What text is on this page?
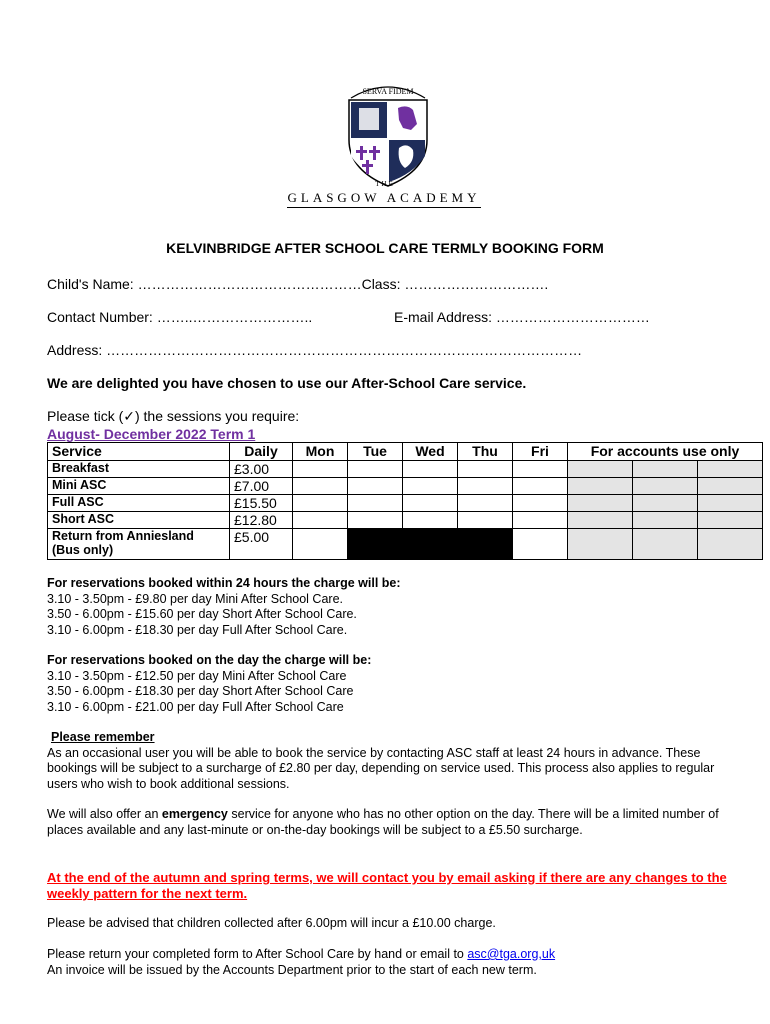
SERVA FIDEM
THE
GLASGOW ACADEMY
KELVINBRIDGE AFTER SCHOOL CARE TERMLY BOOKING FORM
Child's Name: …………………………………………Class: ………………………….
Contact Number: ……..……………………..	E-mail Address: ……………………………
Address: …………………………………………………………………………………………
We are delighted you have chosen to use our After-School Care service.
Please tick (✓) the sessions you require:
August- December 2022 Term 1
Service	Daily	Mon	Tue	Wed	Thu	Fri	For accounts use only		
Breakfast	£3.00								
Mini ASC	£7.00								
Full ASC	£15.50								
Short ASC	£12.80								
Return from Anniesland
(Bus only)	£5.00								
For reservations booked within 24 hours the charge will be:
3.10 - 3.50pm - £9.80 per day Mini After School Care.
3.50 - 6.00pm - £15.60 per day Short After School Care.
3.10 - 6.00pm - £18.30 per day Full After School Care.
For reservations booked on the day the charge will be:
3.10 - 3.50pm - £12.50 per day Mini After School Care
3.50 - 6.00pm - £18.30 per day Short After School Care
3.10 - 6.00pm - £21.00 per day Full After School Care
Please remember
As an occasional user you will be able to book the service by contacting ASC staff at least 24 hours in advance. These bookings will be subject to a surcharge of £2.80 per day, depending on service used. This process also applies to regular users who wish to book additional sessions.
We will also offer an emergency service for anyone who has no other option on the day. There will be a limited number of places available and any last-minute or on-the-day bookings will be subject to a £5.50 surcharge.
At the end of the autumn and spring terms, we will contact you by email asking if there are any changes to the weekly pattern for the next term.
Please be advised that children collected after 6.00pm will incur a £10.00 charge.
Please return your completed form to After School Care by hand or email to asc@tga.org,uk
An invoice will be issued by the Accounts Department prior to the start of each new term.
